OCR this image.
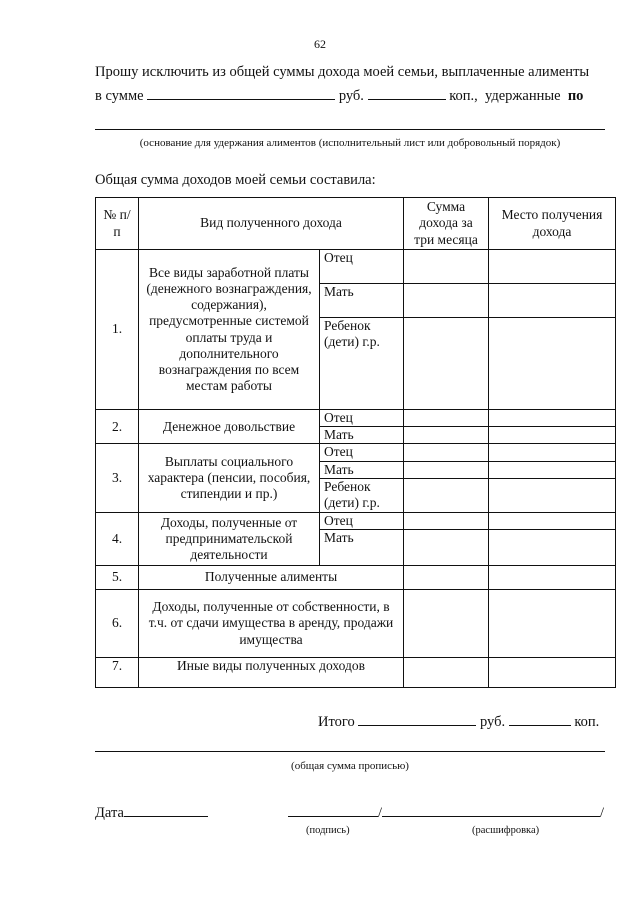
62
Прошу исключить из общей суммы дохода моей семьи, выплаченные алименты
в сумме	руб.	коп., удержанные по
(основание для удержания алиментов (исполнительный лист или добровольный порядок)
Общая сумма доходов моей семьи составила:
№ п/п	Вид полученного дохода		Сумма дохода за три месяца	Место получения дохода
1.	Все виды заработной платы (денежного вознаграждения, содержания), предусмотренные системой оплаты труда и дополнительного вознаграждения по всем местам работы	Отец		
		Мать		
		Ребенок (дети) г.р.		
2.	Денежное довольствие	Отец		
		Мать		
3.	Выплаты социального характера (пенсии, пособия, стипендии и пр.)	Отец		
		Мать		
		Ребенок (дети) г.р.		
4.	Доходы, полученные от предпринимательской деятельности	Отец		
		Мать		
5.	Полученные алименты			
6.	Доходы, полученные от собственности, в т.ч. от сдачи имущества в аренду, продажи имущества			
7.	Иные виды полученных доходов			
Итого	руб.	коп.
(общая сумма прописью)
Дата	/	/
(подпись)	(расшифровка)
